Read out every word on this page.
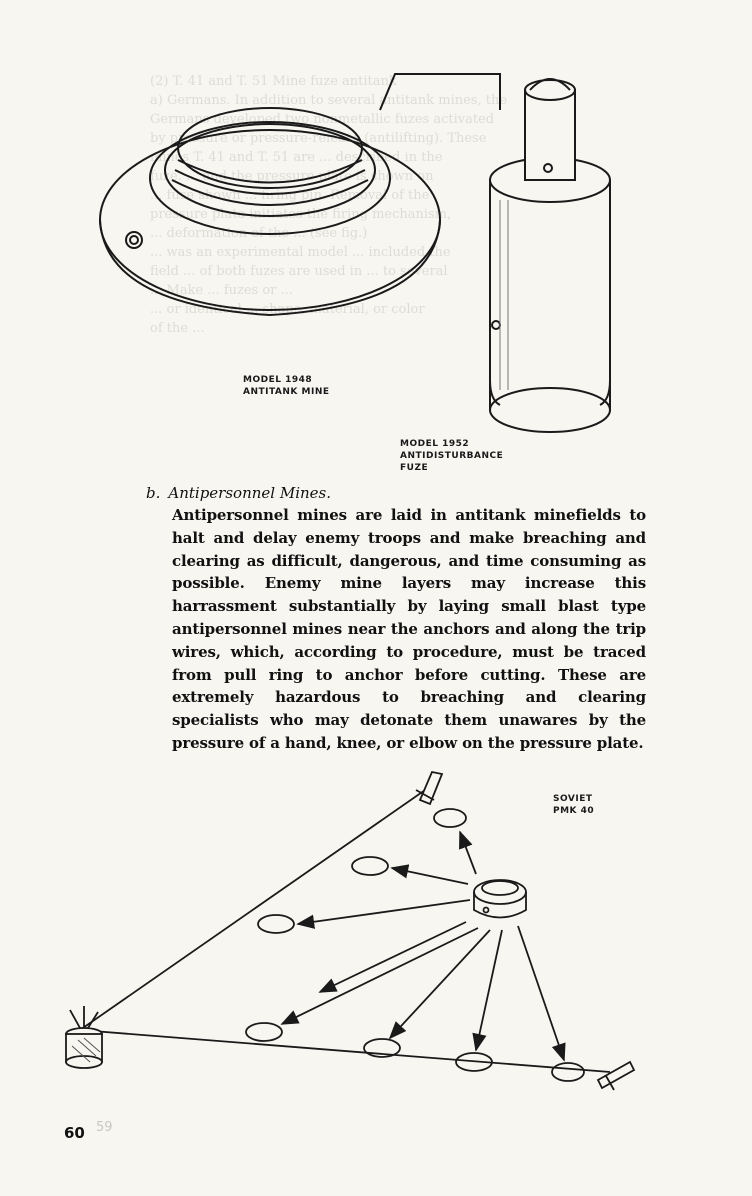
(2) T. 41 and T. 51 Mine fuze antitank

a) Germans. In addition to several antitank mines, the

Germans developed two nonmetallic fuzes activated

by pressure or pressure-release (antilifting). These

mines T. 41 and T. 51 are ... described in the

fuze. ... and the pressure plate is shown on

... fuse shown ... firing pin. Removal of the

pressure plate initiates the firing mechanism,

... deformation of the ... (see fig.)

... was an experimental model ... included the

field ... of both fuzes are used in ... to several

... Make ... fuzes or ...

... or identical ... shape, material, or color

of the ...

MODEL 1948
ANTITANK MINE
MODEL 1952
ANTIDISTURBANCE
FUZE

b. Antipersonnel Mines.

Antipersonnel mines are laid in antitank minefields to halt and delay enemy troops and make breaching and clearing as difficult, dangerous, and time consuming as possible. Enemy mine layers may increase this harrassment substantially by laying small blast type antipersonnel mines near the anchors and along the trip wires, which, according to procedure, must be traced from pull ring to anchor before cutting. These are extremely hazardous to breaching and clearing specialists who may detonate them unawares by the pressure of a hand, knee, or elbow on the pressure plate.

SOVIET
PMK 40
60 59
